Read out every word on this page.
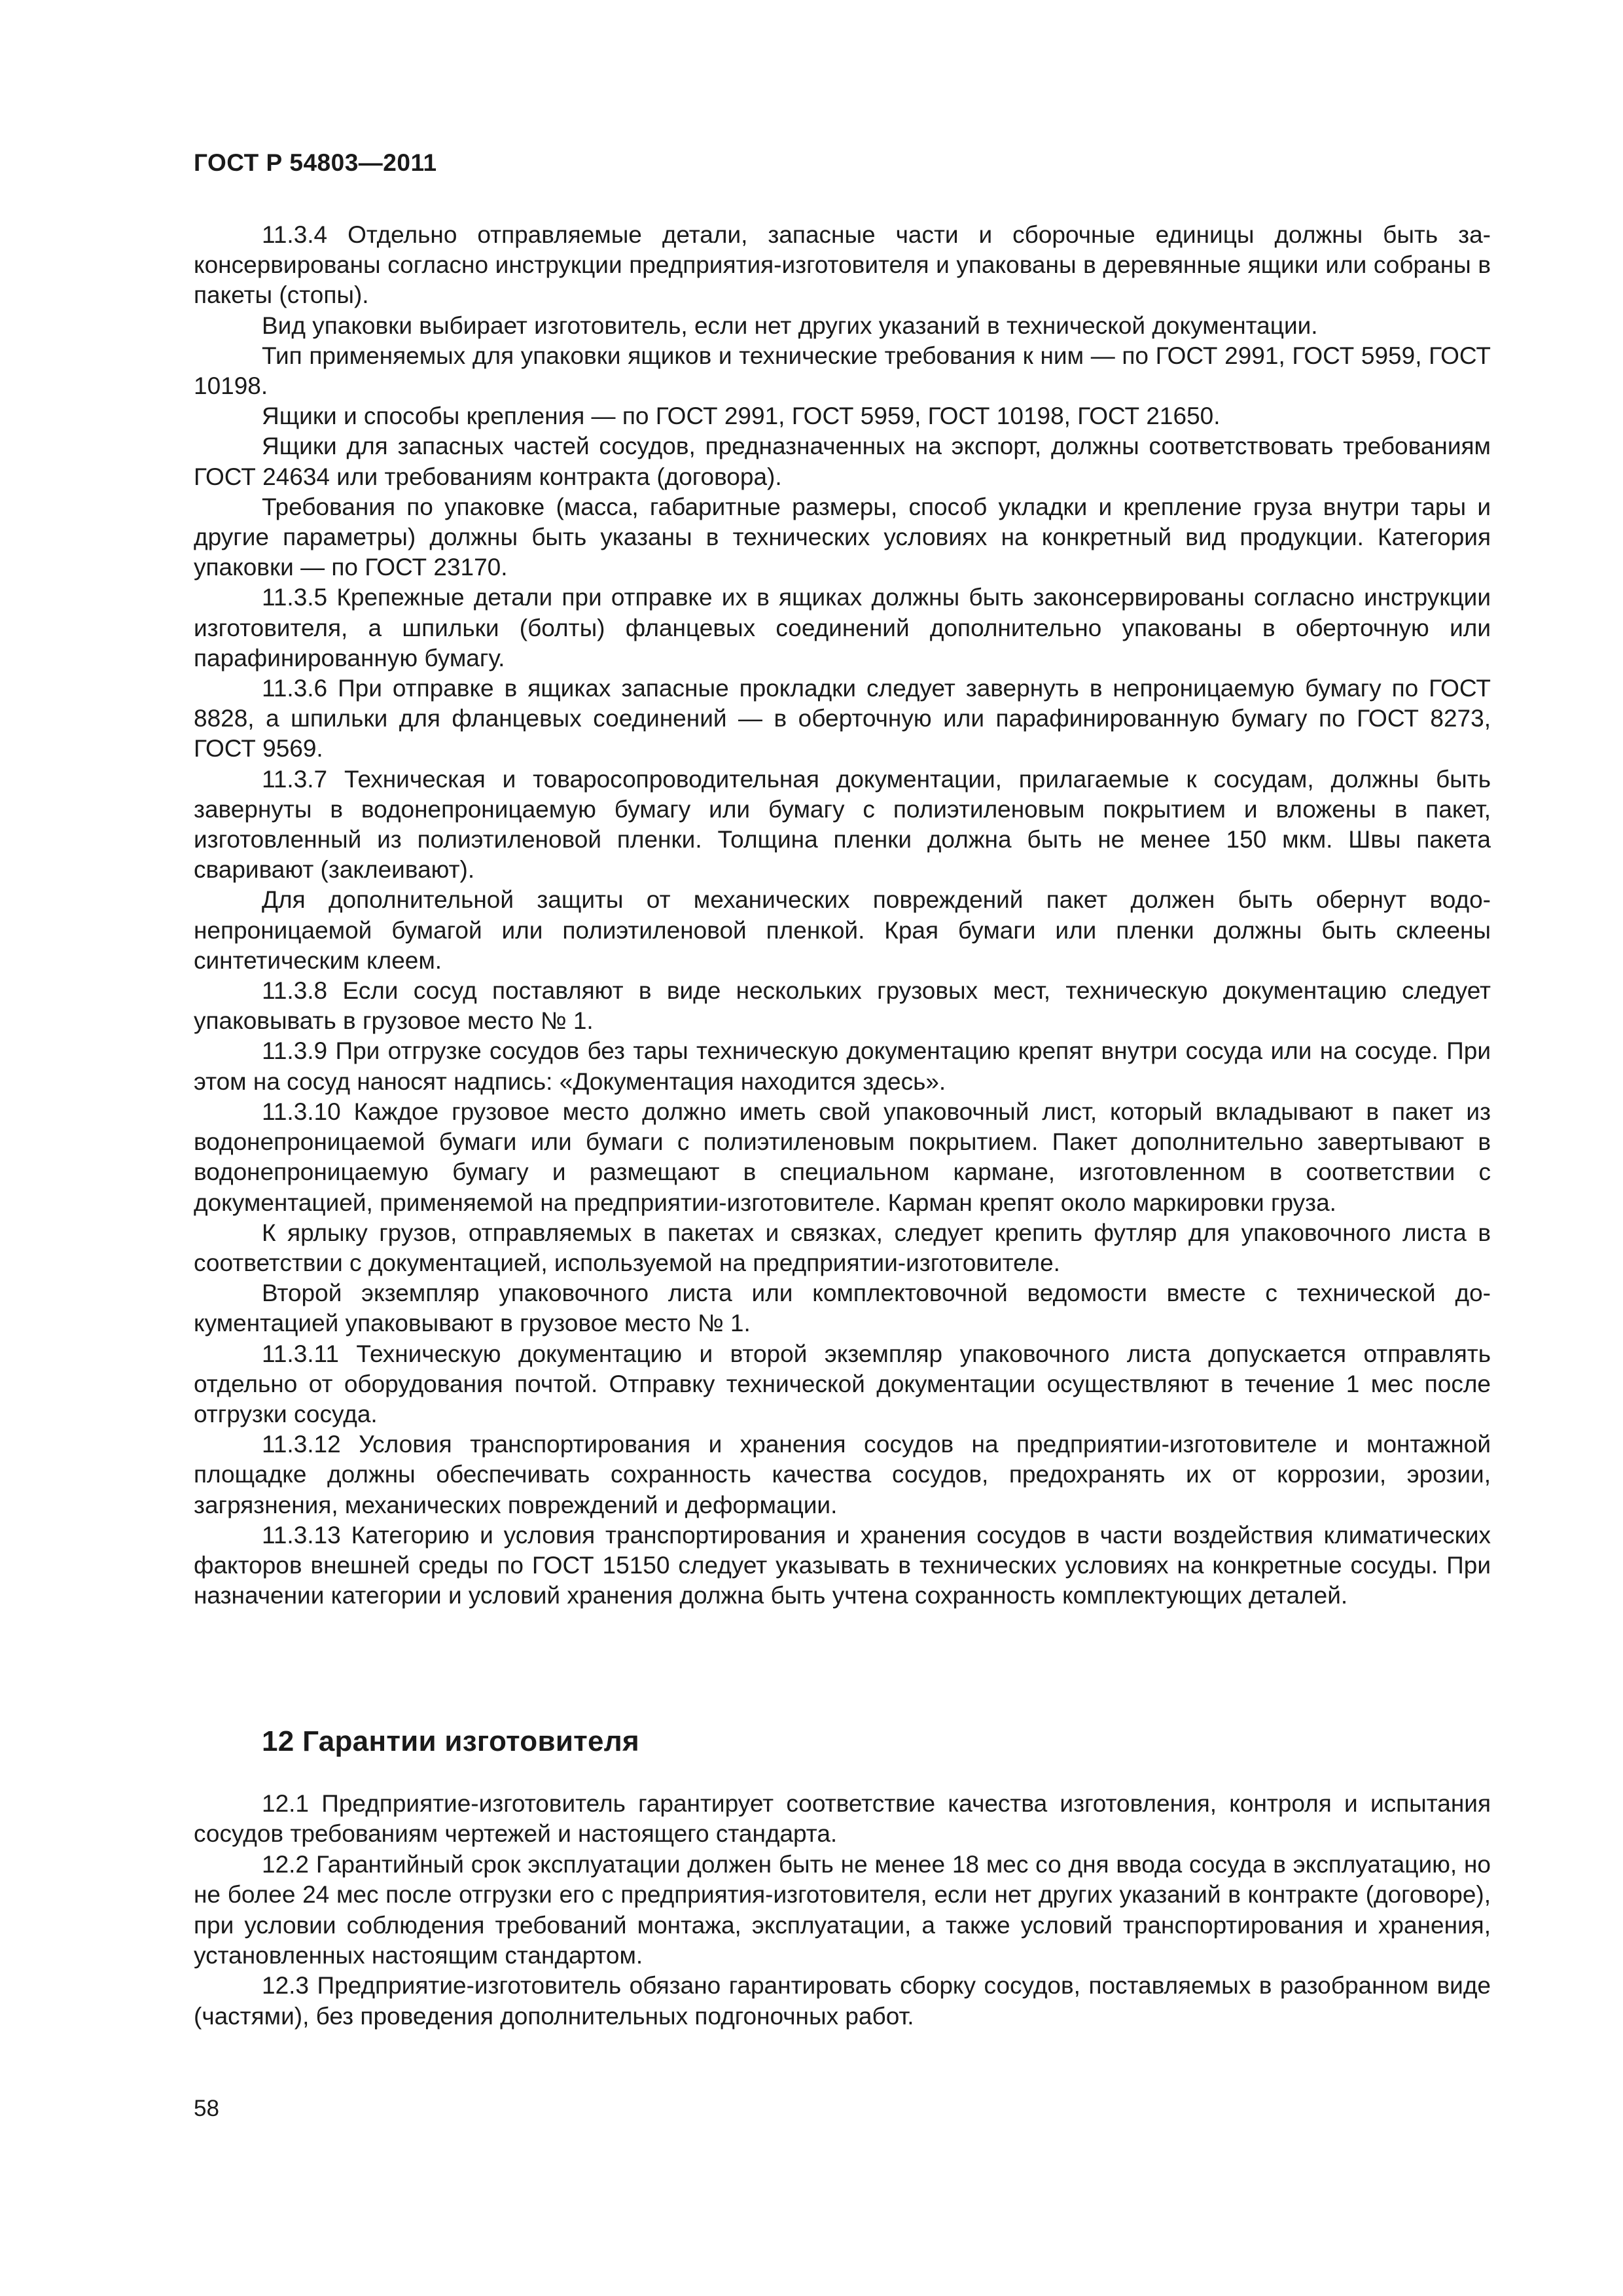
ГОСТ Р 54803—2011

11.3.4 Отдельно отправляемые детали, запасные части и сборочные единицы должны быть законсервированы согласно инструкции предприятия-изготовителя и упакованы в деревянные ящики или собраны в пакеты (стопы).

Вид упаковки выбирает изготовитель, если нет других указаний в технической документации.

Тип применяемых для упаковки ящиков и технические требования к ним — по ГОСТ 2991, ГОСТ 5959, ГОСТ 10198.

Ящики и способы крепления — по ГОСТ 2991, ГОСТ 5959, ГОСТ 10198, ГОСТ 21650.

Ящики для запасных частей сосудов, предназначенных на экспорт, должны соответствовать требованиям ГОСТ 24634 или требованиям контракта (договора).

Требования по упаковке (масса, габаритные размеры, способ укладки и крепление груза внутри тары и другие параметры) должны быть указаны в технических условиях на конкретный вид продукции. Категория упаковки — по ГОСТ 23170.

11.3.5 Крепежные детали при отправке их в ящиках должны быть законсервированы согласно инструкции изготовителя, а шпильки (болты) фланцевых соединений дополнительно упакованы в оберточную или парафинированную бумагу.

11.3.6 При отправке в ящиках запасные прокладки следует завернуть в непроницаемую бумагу по ГОСТ 8828, а шпильки для фланцевых соединений — в оберточную или парафинированную бумагу по ГОСТ 8273, ГОСТ 9569.

11.3.7 Техническая и товаросопроводительная документации, прилагаемые к сосудам, должны быть завернуты в водонепроницаемую бумагу или бумагу с полиэтиленовым покрытием и вложены в пакет, изготовленный из полиэтиленовой пленки. Толщина пленки должна быть не менее 150 мкм. Швы пакета сваривают (заклеивают).

Для дополнительной защиты от механических повреждений пакет должен быть обернут водонепроницаемой бумагой или полиэтиленовой пленкой. Края бумаги или пленки должны быть склеены синтетическим клеем.

11.3.8 Если сосуд поставляют в виде нескольких грузовых мест, техническую документацию следует упаковывать в грузовое место № 1.

11.3.9 При отгрузке сосудов без тары техническую документацию крепят внутри сосуда или на сосуде. При этом на сосуд наносят надпись: «Документация находится здесь».

11.3.10 Каждое грузовое место должно иметь свой упаковочный лист, который вкладывают в пакет из водонепроницаемой бумаги или бумаги с полиэтиленовым покрытием. Пакет дополнительно завертывают в водонепроницаемую бумагу и размещают в специальном кармане, изготовленном в соответствии с документацией, применяемой на предприятии-изготовителе. Карман крепят около маркировки груза.

К ярлыку грузов, отправляемых в пакетах и связках, следует крепить футляр для упаковочного листа в соответствии с документацией, используемой на предприятии-изготовителе.

Второй экземпляр упаковочного листа или комплектовочной ведомости вместе с технической документацией упаковывают в грузовое место № 1.

11.3.11 Техническую документацию и второй экземпляр упаковочного листа допускается отправлять отдельно от оборудования почтой. Отправку технической документации осуществляют в течение 1 мес после отгрузки сосуда.

11.3.12 Условия транспортирования и хранения сосудов на предприятии-изготовителе и монтажной площадке должны обеспечивать сохранность качества сосудов, предохранять их от коррозии, эрозии, загрязнения, механических повреждений и деформации.

11.3.13 Категорию и условия транспортирования и хранения сосудов в части воздействия климатических факторов внешней среды по ГОСТ 15150 следует указывать в технических условиях на конкретные сосуды. При назначении категории и условий хранения должна быть учтена сохранность комплектующих деталей.

12 Гарантии изготовителя

12.1 Предприятие-изготовитель гарантирует соответствие качества изготовления, контроля и испытания сосудов требованиям чертежей и настоящего стандарта.

12.2 Гарантийный срок эксплуатации должен быть не менее 18 мес со дня ввода сосуда в эксплуатацию, но не более 24 мес после отгрузки его с предприятия-изготовителя, если нет других указаний в контракте (договоре), при условии соблюдения требований монтажа, эксплуатации, а также условий транспортирования и хранения, установленных настоящим стандартом.

12.3 Предприятие-изготовитель обязано гарантировать сборку сосудов, поставляемых в разобранном виде (частями), без проведения дополнительных подгоночных работ.

58
